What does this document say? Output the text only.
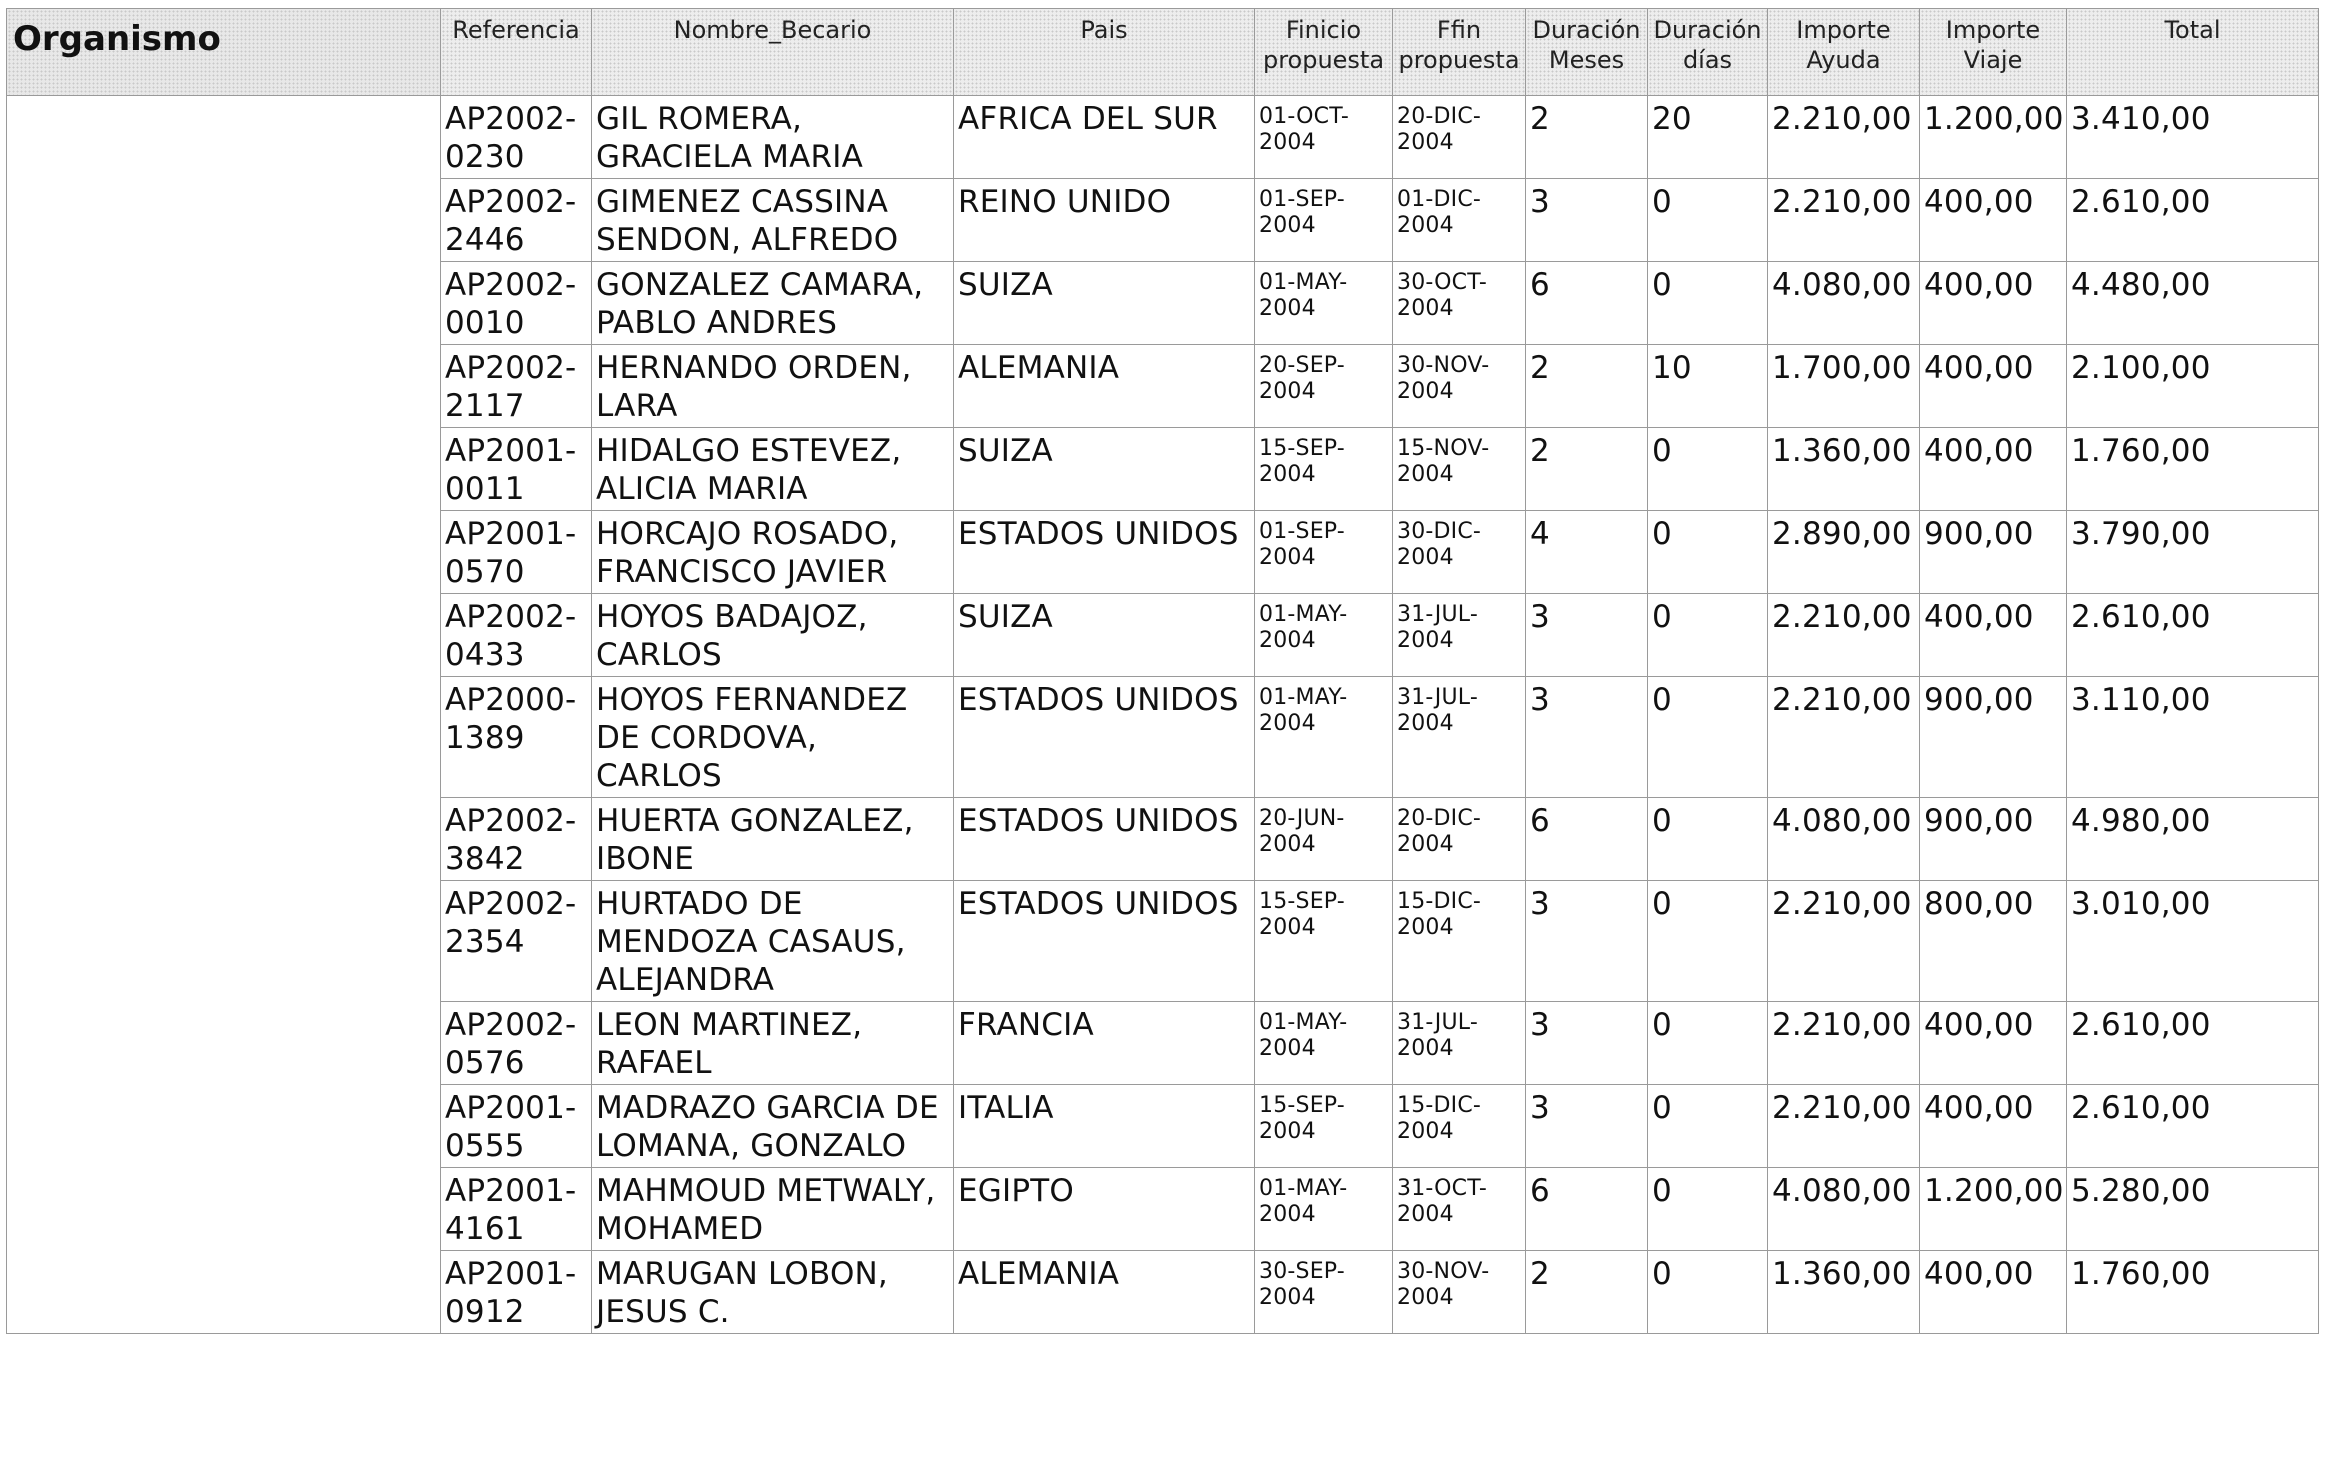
Organismo	Referencia	Nombre_Becario	Pais	Finicio propuesta	Ffin propuesta	Duración Meses	Duración días	Importe Ayuda	Importe Viaje	Total

	AP2002-0230	GIL ROMERA, GRACIELA MARIA	AFRICA DEL SUR	01-OCT-2004	20-DIC-2004	2	20	2.210,00	1.200,00	3.410,00
	AP2002-2446	GIMENEZ CASSINA SENDON, ALFREDO	REINO UNIDO	01-SEP-2004	01-DIC-2004	3	0	2.210,00	400,00	2.610,00
	AP2002-0010	GONZALEZ CAMARA, PABLO ANDRES	SUIZA	01-MAY-2004	30-OCT-2004	6	0	4.080,00	400,00	4.480,00
	AP2002-2117	HERNANDO ORDEN, LARA	ALEMANIA	20-SEP-2004	30-NOV-2004	2	10	1.700,00	400,00	2.100,00
	AP2001-0011	HIDALGO ESTEVEZ, ALICIA MARIA	SUIZA	15-SEP-2004	15-NOV-2004	2	0	1.360,00	400,00	1.760,00
	AP2001-0570	HORCAJO ROSADO, FRANCISCO JAVIER	ESTADOS UNIDOS	01-SEP-2004	30-DIC-2004	4	0	2.890,00	900,00	3.790,00
	AP2002-0433	HOYOS BADAJOZ, CARLOS	SUIZA	01-MAY-2004	31-JUL-2004	3	0	2.210,00	400,00	2.610,00
	AP2000-1389	HOYOS FERNANDEZ DE CORDOVA, CARLOS	ESTADOS UNIDOS	01-MAY-2004	31-JUL-2004	3	0	2.210,00	900,00	3.110,00
	AP2002-3842	HUERTA GONZALEZ, IBONE	ESTADOS UNIDOS	20-JUN-2004	20-DIC-2004	6	0	4.080,00	900,00	4.980,00
	AP2002-2354	HURTADO DE MENDOZA CASAUS, ALEJANDRA	ESTADOS UNIDOS	15-SEP-2004	15-DIC-2004	3	0	2.210,00	800,00	3.010,00
	AP2002-0576	LEON MARTINEZ, RAFAEL	FRANCIA	01-MAY-2004	31-JUL-2004	3	0	2.210,00	400,00	2.610,00
	AP2001-0555	MADRAZO GARCIA DE LOMANA, GONZALO	ITALIA	15-SEP-2004	15-DIC-2004	3	0	2.210,00	400,00	2.610,00
	AP2001-4161	MAHMOUD METWALY, MOHAMED	EGIPTO	01-MAY-2004	31-OCT-2004	6	0	4.080,00	1.200,00	5.280,00
	AP2001-0912	MARUGAN LOBON, JESUS C.	ALEMANIA	30-SEP-2004	30-NOV-2004	2	0	1.360,00	400,00	1.760,00
